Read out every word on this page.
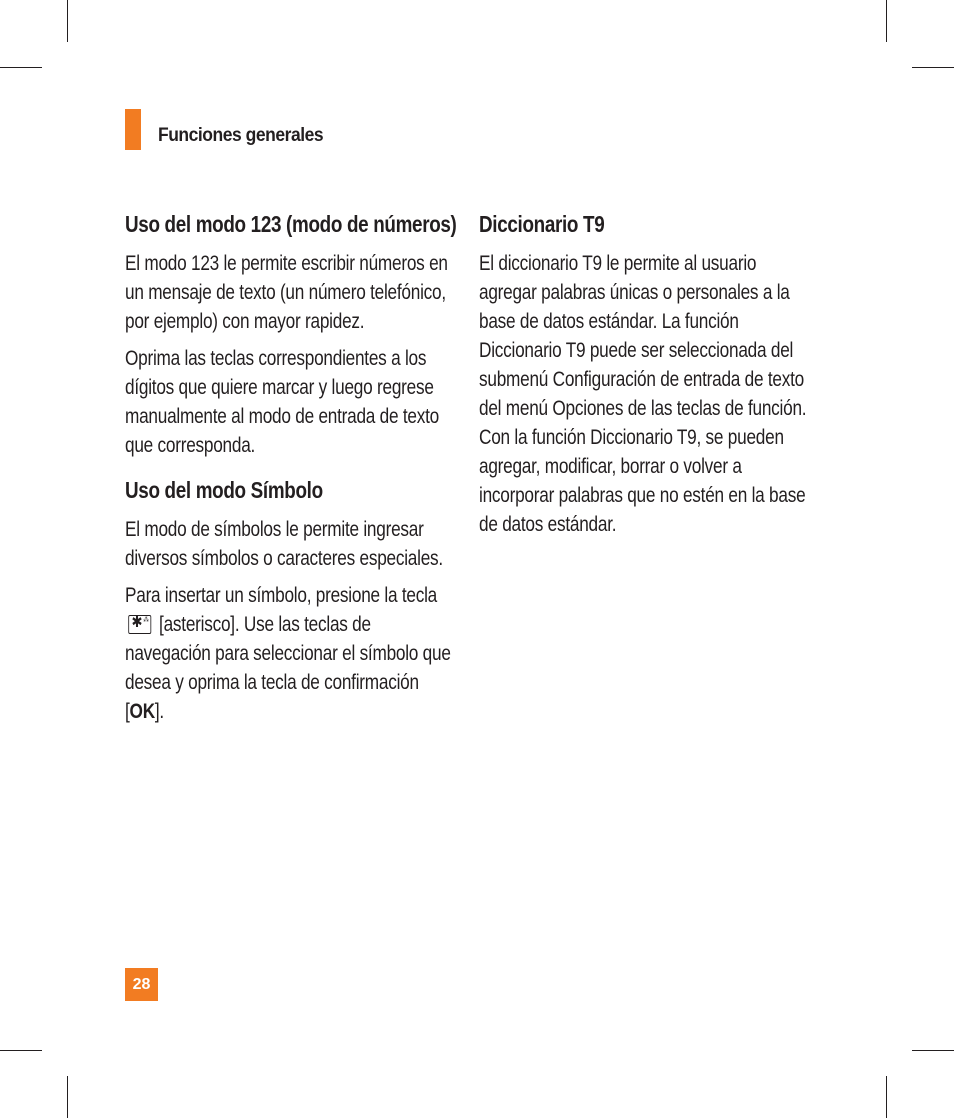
Funciones generales
Uso del modo 123 (modo de números)

El modo 123 le permite escribir números en un mensaje de texto (un número telefónico, por ejemplo) con mayor rapidez.

Oprima las teclas correspondientes a los dígitos que quiere marcar y luego regrese manualmente al modo de entrada de texto que corresponda.

Uso del modo Símbolo

El modo de símbolos le permite ingresar diversos símbolos o caracteres especiales.

Para insertar un símbolo, presione la tecla
✱ ⁂ [asterisco]. Use las teclas de navegación para seleccionar el símbolo que desea y oprima la tecla de confirmación [OK].

Diccionario T9

El diccionario T9 le permite al usuario agregar palabras únicas o personales a la base de datos estándar. La función Diccionario T9 puede ser seleccionada del submenú Configuración de entrada de texto del menú Opciones de las teclas de función. Con la función Diccionario T9, se pueden agregar, modificar, borrar o volver a incorporar palabras que no estén en la base de datos estándar.

28
